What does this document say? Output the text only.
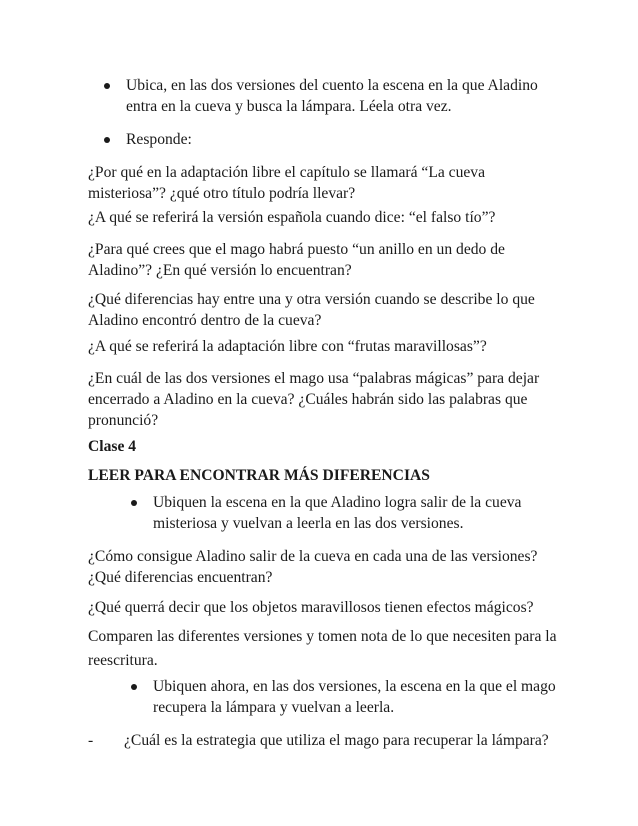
Ubica, en las dos versiones del cuento la escena en la que Aladino entra en la cueva y busca la lámpara. Léela otra vez.
Responde:
¿Por qué en la adaptación libre el capítulo se llamará “La cueva misteriosa”? ¿qué otro título podría llevar?
¿A qué se referirá la versión española cuando dice: “el falso tío”?
¿Para qué crees que el mago habrá puesto “un anillo en un dedo de Aladino”? ¿En qué versión lo encuentran?
¿Qué diferencias hay entre una y otra versión cuando se describe lo que Aladino encontró dentro de la cueva?
¿A qué se referirá la adaptación libre con “frutas maravillosas”?
¿En cuál de las dos versiones el mago usa “palabras mágicas” para dejar encerrado a Aladino en la cueva? ¿Cuáles habrán sido las palabras que pronunció?
Clase 4
LEER PARA ENCONTRAR MÁS DIFERENCIAS
Ubiquen la escena en la que Aladino logra salir de la cueva misteriosa y vuelvan a leerla en las dos versiones.
¿Cómo consigue Aladino salir de la cueva en cada una de las versiones? ¿Qué diferencias encuentran?
¿Qué querrá decir que los objetos maravillosos tienen efectos mágicos?
Comparen las diferentes versiones y tomen nota de lo que necesiten para la reescritura.
Ubiquen ahora, en las dos versiones, la escena en la que el mago recupera la lámpara y vuelvan a leerla.
- ¿Cuál es la estrategia que utiliza el mago para recuperar la lámpara?
